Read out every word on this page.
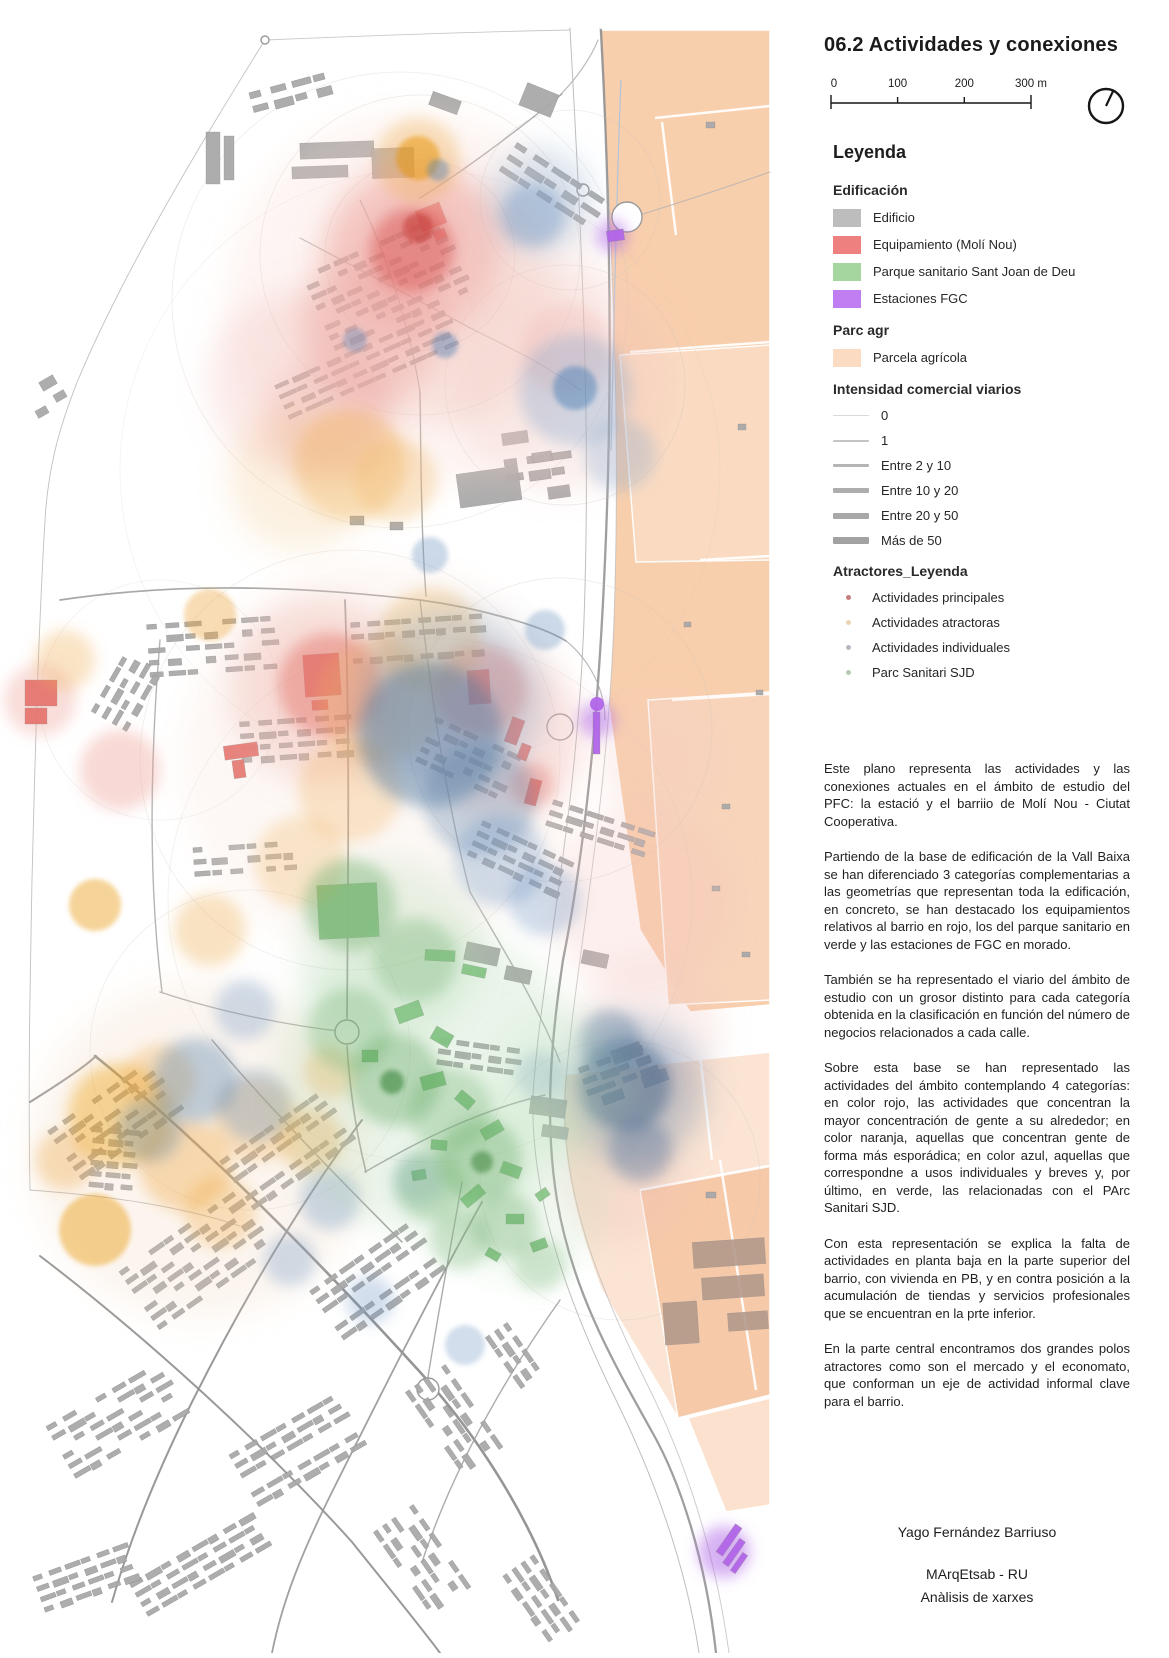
06.2 Actividades y conexiones
0	100	200	300 m
Leyenda
Edificación
Edificio
Equipamiento (Molí Nou)
Parque sanitario Sant Joan de Deu
Estaciones FGC
Parc agr
Parcela agrícola
Intensidad comercial viarios
0
1
Entre 2 y 10
Entre 10 y 20
Entre 20 y 50
Más de 50
Atractores_Leyenda
Actividades principales
Actividades atractoras
Actividades individuales
Parc Sanitari SJD

Este plano representa las actividades y las conexiones actuales en el ámbito de estudio del PFC: la estació y el barriio de Molí Nou - Ciutat Cooperativa.

Partiendo de la base de edificación de la Vall Baixa se han diferenciado 3 categorías complementarias a las geometrías que representan toda la edificación, en concreto, se han destacado los equipamientos relativos al barrio en rojo, los del parque sanitario en verde y las estaciones de FGC en morado.

También se ha representado el viario del ámbito de estudio con un grosor distinto para cada categoría obtenida en la clasificación en función del número de negocios relacionados a cada calle.

Sobre esta base se han representado las actividades del ámbito contemplando 4 categorías: en color rojo, las actividades que concentran la mayor concentración de gente a su alrededor; en color naranja, aquellas que concentran gente de forma más esporádica; en color azul, aquellas que correspondne a usos individuales y breves y, por último, en verde, las relacionadas con el PArc Sanitari SJD.

Con esta representación se explica la falta de actividades en planta baja en la parte superior del barrio, con vivienda en PB, y en contra posición a la acumulación de tiendas y servicios profesionales que se encuentran en la prte inferior.

En la parte central encontramos dos grandes polos atractores como son el mercado y el economato, que conforman un eje de actividad informal clave para el barrio.

Yago Fernández Barriuso
MArqEtsab - RU
Anàlisis de xarxes
